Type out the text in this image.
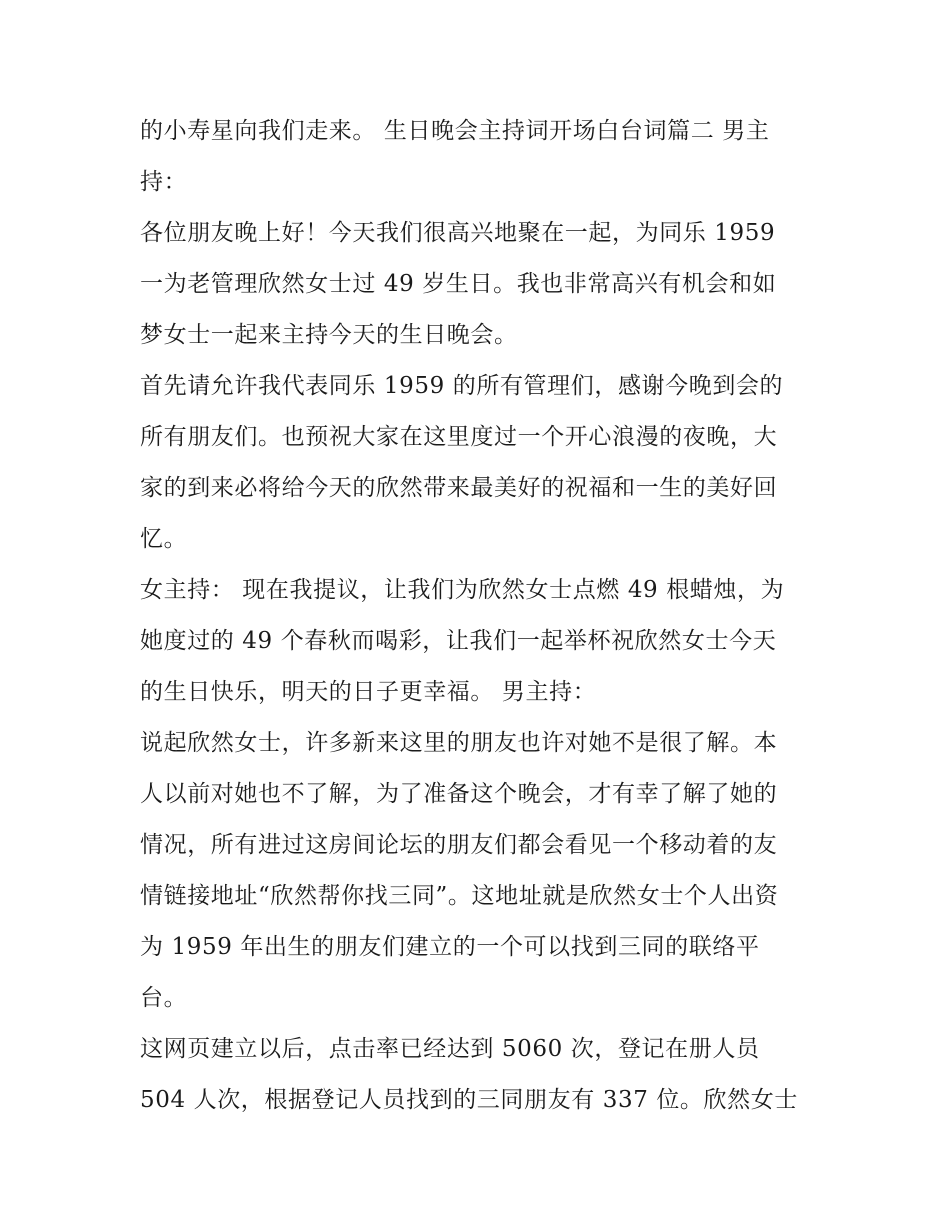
的小寿星向我们走来。 生日晚会主持词开场白台词篇二 男主
持：
各位朋友晚上好！今天我们很高兴地聚在一起，为同乐 1959
一为老管理欣然女士过 49 岁生日。我也非常高兴有机会和如
梦女士一起来主持今天的生日晚会。
首先请允许我代表同乐 1959 的所有管理们，感谢今晚到会的
所有朋友们。也预祝大家在这里度过一个开心浪漫的夜晚，大
家的到来必将给今天的欣然带来最美好的祝福和一生的美好回
忆。
女主持： 现在我提议，让我们为欣然女士点燃 49 根蜡烛，为
她度过的 49 个春秋而喝彩，让我们一起举杯祝欣然女士今天
的生日快乐，明天的日子更幸福。 男主持：
说起欣然女士，许多新来这里的朋友也许对她不是很了解。本
人以前对她也不了解，为了准备这个晚会，才有幸了解了她的
情况，所有进过这房间论坛的朋友们都会看见一个移动着的友
情链接地址“欣然帮你找三同”。这地址就是欣然女士个人出资
为 1959 年出生的朋友们建立的一个可以找到三同的联络平
台。
这网页建立以后，点击率已经达到 5060 次，登记在册人员
504 人次，根据登记人员找到的三同朋友有 337 位。欣然女士
